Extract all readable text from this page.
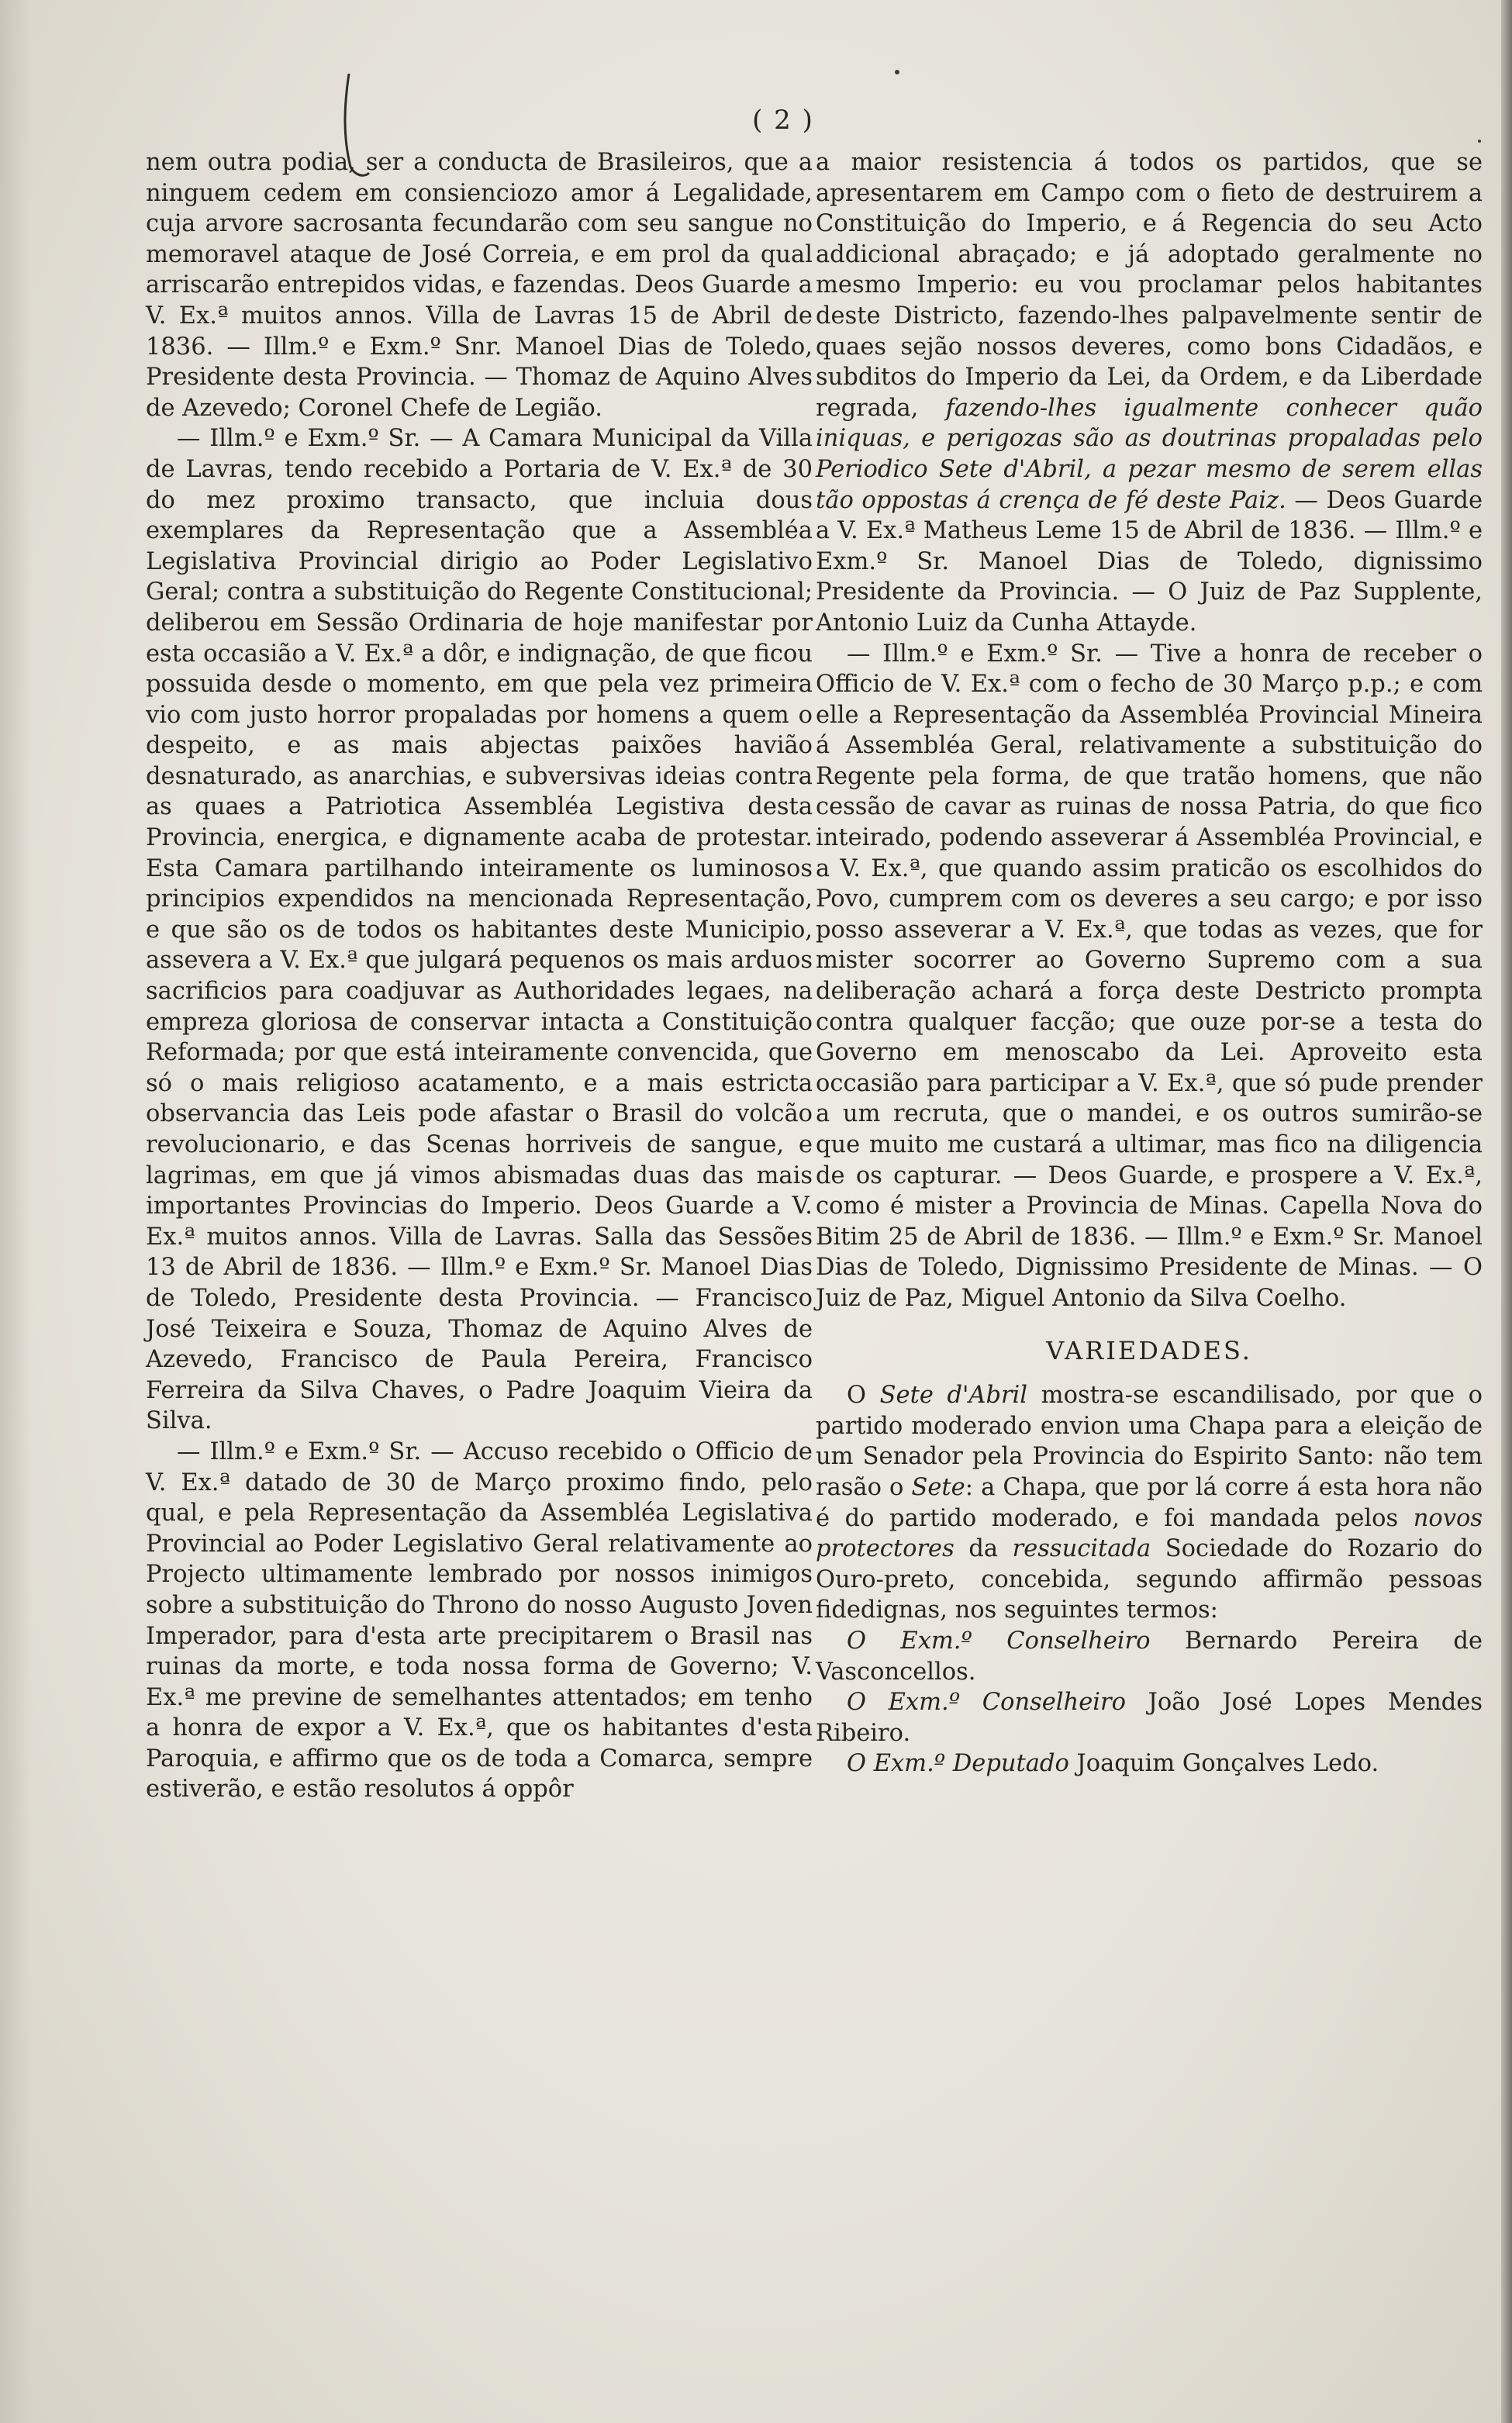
( 2 )

nem outra podia, ser a conducta de Brasileiros, que a ninguem cedem em consienciozo amor á Legalidade, cuja arvore sacrosanta fecundarão com seu sangue no memoravel ataque de José Correia, e em prol da qual arriscarão entrepidos vidas, e fazendas. Deos Guarde a V. Ex.ª muitos annos. Villa de Lavras 15 de Abril de 1836. — Illm.º e Exm.º Snr. Manoel Dias de Toledo, Presidente desta Provincia. — Thomaz de Aquino Alves de Azevedo; Coronel Chefe de Legião.

— Illm.º e Exm.º Sr. — A Camara Municipal da Villa de Lavras, tendo recebido a Portaria de V. Ex.ª de 30 do mez proximo transacto, que incluia dous exemplares da Representação que a Assembléa Legislativa Provincial dirigio ao Poder Legislativo Geral; contra a substituição do Regente Constitucional; deliberou em Sessão Ordinaria de hoje manifestar por esta occasião a V. Ex.ª a dôr, e indignação, de que ficou possuida desde o momento, em que pela vez primeira vio com justo horror propaladas por homens a quem o despeito, e as mais abjectas paixões havião desnaturado, as anarchias, e subversivas ideias contra as quaes a Patriotica Assembléa Legistiva desta Provincia, energica, e dignamente acaba de protestar. Esta Camara partilhando inteiramente os luminosos principios expendidos na mencionada Representação, e que são os de todos os habitantes deste Municipio, assevera a V. Ex.ª que julgará pequenos os mais arduos sacrificios para coadjuvar as Authoridades legaes, na empreza gloriosa de conservar intacta a Constituição Reformada; por que está inteiramente convencida, que só o mais religioso acatamento, e a mais estricta observancia das Leis pode afastar o Brasil do volcão revolucionario, e das Scenas horriveis de sangue, e lagrimas, em que já vimos abismadas duas das mais importantes Provincias do Imperio. Deos Guarde a V. Ex.ª muitos annos. Villa de Lavras. Salla das Sessões 13 de Abril de 1836. — Illm.º e Exm.º Sr. Manoel Dias de Toledo, Presidente desta Provincia. — Francisco José Teixeira e Souza, Thomaz de Aquino Alves de Azevedo, Francisco de Paula Pereira, Francisco Ferreira da Silva Chaves, o Padre Joaquim Vieira da Silva.

— Illm.º e Exm.º Sr. — Accuso recebido o Officio de V. Ex.ª datado de 30 de Março proximo findo, pelo qual, e pela Representação da Assembléa Legislativa Provincial ao Poder Legislativo Geral relativamente ao Projecto ultimamente lembrado por nossos inimigos sobre a substituição do Throno do nosso Augusto Joven Imperador, para d'esta arte precipitarem o Brasil nas ruinas da morte, e toda nossa forma de Governo; V. Ex.ª me previne de semelhantes attentados; em tenho a honra de expor a V. Ex.ª, que os habitantes d'esta Paroquia, e affirmo que os de toda a Comarca, sempre estiverão, e estão resolutos á oppôr

a maior resistencia á todos os partidos, que se apresentarem em Campo com o fieto de destruirem a Constituição do Imperio, e á Regencia do seu Acto addicional abraçado; e já adoptado geralmente no mesmo Imperio: eu vou proclamar pelos habitantes deste Districto, fazendo-lhes palpavelmente sentir de quaes sejão nossos deveres, como bons Cidadãos, e subditos do Imperio da Lei, da Ordem, e da Liberdade regrada, fazendo-lhes igualmente conhecer quão iniquas, e perigozas são as doutrinas propaladas pelo Periodico Sete d'Abril, a pezar mesmo de serem ellas tão oppostas á crença de fé deste Paiz. — Deos Guarde a V. Ex.ª Matheus Leme 15 de Abril de 1836. — Illm.º e Exm.º Sr. Manoel Dias de Toledo, dignissimo Presidente da Provincia. — O Juiz de Paz Supplente, Antonio Luiz da Cunha Attayde.

— Illm.º e Exm.º Sr. — Tive a honra de receber o Officio de V. Ex.ª com o fecho de 30 Março p.p.; e com elle a Representação da Assembléa Provincial Mineira á Assembléa Geral, relativamente a substituição do Regente pela forma, de que tratão homens, que não cessão de cavar as ruinas de nossa Patria, do que fico inteirado, podendo asseverar á Assembléa Provincial, e a V. Ex.ª, que quando assim praticão os escolhidos do Povo, cumprem com os deveres a seu cargo; e por isso posso asseverar a V. Ex.ª, que todas as vezes, que for mister socorrer ao Governo Supremo com a sua deliberação achará a força deste Destricto prompta contra qualquer facção; que ouze por-se a testa do Governo em menoscabo da Lei. Aproveito esta occasião para participar a V. Ex.ª, que só pude prender a um recruta, que o mandei, e os outros sumirão-se que muito me custará a ultimar, mas fico na diligencia de os capturar. — Deos Guarde, e prospere a V. Ex.ª, como é mister a Provincia de Minas. Capella Nova do Bitim 25 de Abril de 1836. — Illm.º e Exm.º Sr. Manoel Dias de Toledo, Dignissimo Presidente de Minas. — O Juiz de Paz, Miguel Antonio da Silva Coelho.

VARIEDADES.

O Sete d'Abril mostra-se escandilisado, por que o partido moderado envion uma Chapa para a eleição de um Senador pela Provincia do Espirito Santo: não tem rasão o Sete: a Chapa, que por lá corre á esta hora não é do partido moderado, e foi mandada pelos novos protectores da ressucitada Sociedade do Rozario do Ouro-preto, concebida, segundo affirmão pessoas fidedignas, nos seguintes termos:

O Exm.º Conselheiro Bernardo Pereira de Vasconcellos.

O Exm.º Conselheiro João José Lopes Mendes Ribeiro.

O Exm.º Deputado Joaquim Gonçalves Ledo.
